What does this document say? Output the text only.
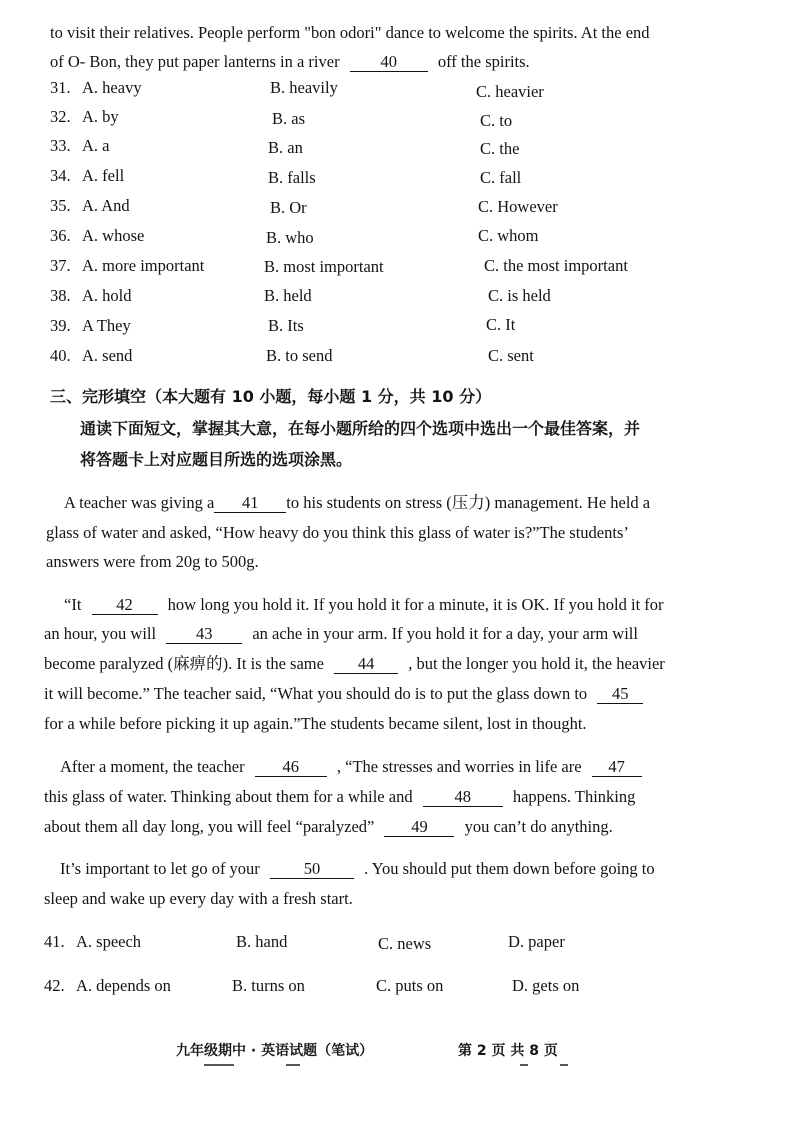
to visit their relatives. People perform "bon odori" dance to welcome the spirits. At the end
of O- Bon, they put paper lanterns in a river 40 off the spirits.
31. A. heavy	B. heavily	C. heavier
32. A. by	B. as	C. to
33. A. a	B. an	C. the
34. A. fell	B. falls	C. fall
35. A. And	B. Or	C. However
36. A. whose	B. who	C. whom
37. A. more important	B. most important	C. the most important
38. A. hold	B. held	C. is held
39. A They	B. Its	C. It
40. A. send	B. to send	C. sent
三、完形填空（本大题有 10 小题，每小题 1 分，共 10 分）
通读下面短文，掌握其大意，在每小题所给的四个选项中选出一个最佳答案，并
将答题卡上对应题目所选的选项涂黑。
A teacher was giving a 41 to his students on stress (压力) management. He held a
glass of water and asked, “How heavy do you think this glass of water is?”The students’
answers were from 20g to 500g.
“It 42 how long you hold it. If you hold it for a minute, it is OK. If you hold it for
an hour, you will 43 an ache in your arm. If you hold it for a day, your arm will
become paralyzed (麻痹的). It is the same 44 , but the longer you hold it, the heavier
it will become.” The teacher said, “What you should do is to put the glass down to 45
for a while before picking it up again.”The students became silent, lost in thought.
After a moment, the teacher 46 , “The stresses and worries in life are 47
this glass of water. Thinking about them for a while and	48	happens. Thinking
about them all day long, you will feel “paralyzed” 49 you can’t do anything.
It’s important to let go of your	50	. You should put them down before going to
sleep and wake up every day with a fresh start.
41. A. speech	B. hand	C. news	D. paper
42. A. depends on	B. turns on	C. puts on	D. gets on
九年级期中 · 英语试题（笔试）	第 2 页 共 8 页
